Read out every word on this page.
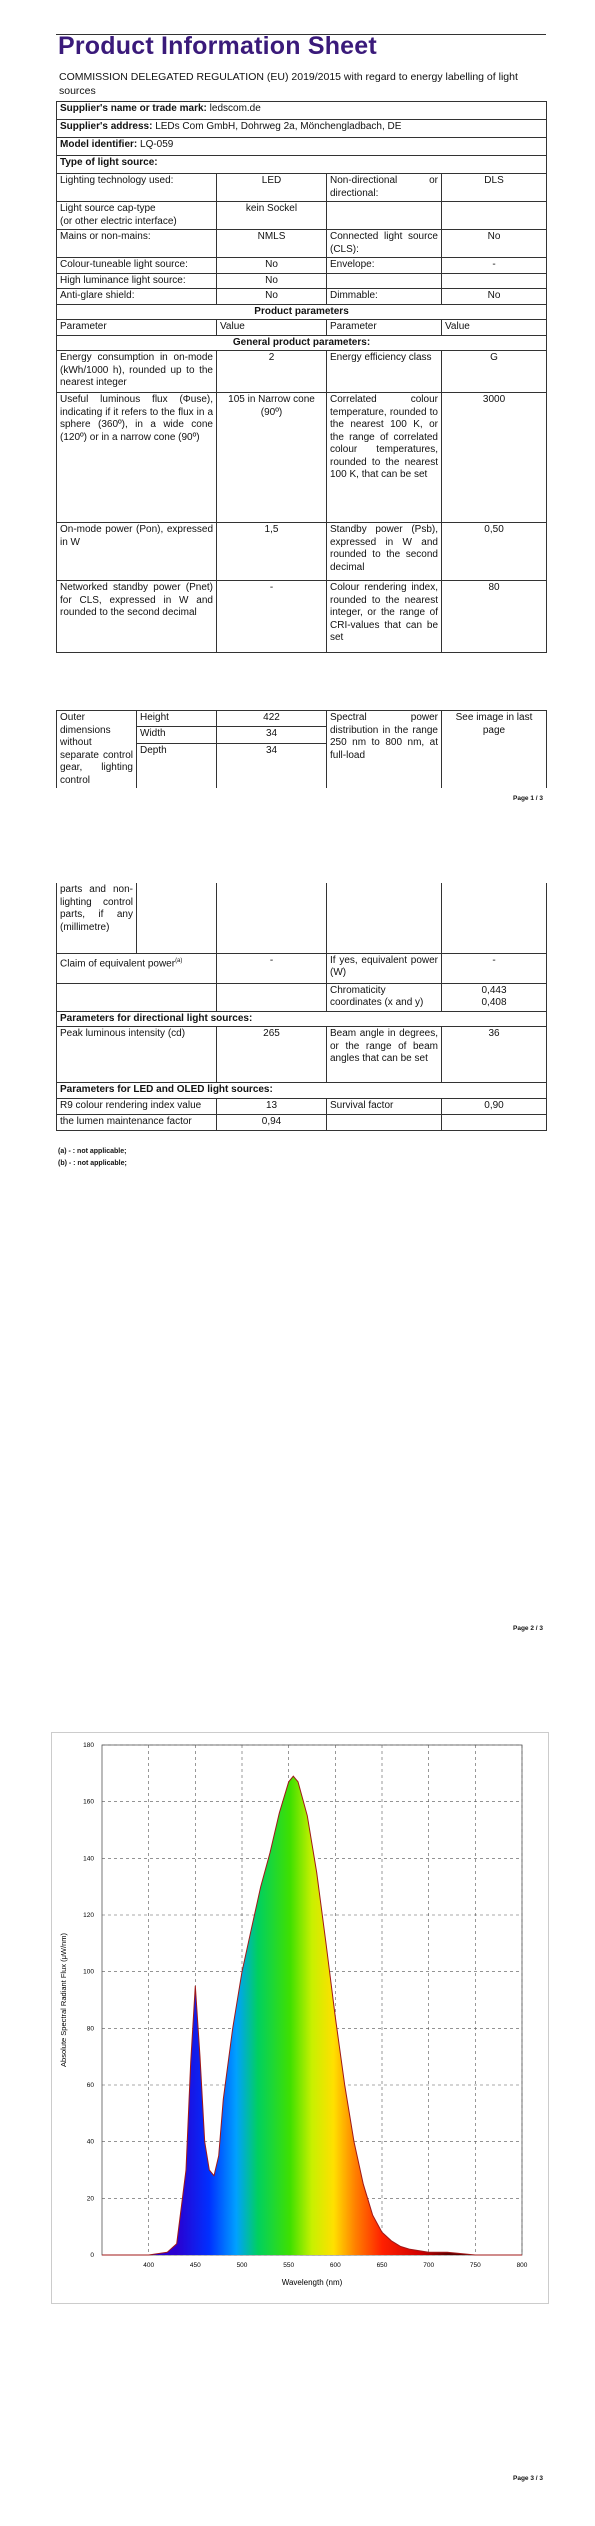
Product Information Sheet
COMMISSION DELEGATED REGULATION (EU) 2019/2015 with regard to energy labelling of light sources
Supplier's name or trade mark: ledscom.de			
Supplier's address: LEDs Com GmbH, Dohrweg 2a, Mönchengladbach, DE			
Model identifier: LQ-059			
Type of light source:			
Lighting technology used:	LED	Non-directional or directional:	DLS
Light source cap-type
(or other electric interface)	kein Sockel		
Mains or non-mains:	NMLS	Connected light source (CLS):	No
Colour-tuneable light source:	No	Envelope:	-
High luminance light source:	No		
Anti-glare shield:	No	Dimmable:	No
Product parameters			
Parameter	Value	Parameter	Value
General product parameters:			
Energy consumption in on-mode (kWh/1000 h), rounded up to the nearest integer	2	Energy efficiency class	G
Useful luminous flux (Φuse), indicating if it refers to the flux in a sphere (360º), in a wide cone (120º) or in a narrow cone (90º)	105 in Narrow cone (90º)	Correlated colour temperature, rounded to the nearest 100 K, or the range of correlated colour temperatures, rounded to the nearest 100 K, that can be set	3000
On-mode power (Pon), expressed in W	1,5	Standby power (Psb), expressed in W and rounded to the second decimal	0,50
Networked standby power (Pnet) for CLS, expressed in W and rounded to the second decimal	-	Colour rendering index, rounded to the nearest integer, or the range of CRI-values that can be set	80
Outer dimensions without separate control gear, lighting control	Height	422	Spectral power distribution in the range 250 nm to 800 nm, at full-load	See image in last page
	Width	34		
	Depth	34		
Page 1 / 3
parts and non-lighting control parts, if any (millimetre)				
Claim of equivalent power$^{(a)}$		-	If yes, equivalent power (W)	-
			Chromaticity coordinates (x and y)	0,443
0,408

Parameters for directional light sources:				
Peak luminous intensity (cd)		265	Beam angle in degrees, or the range of beam angles that can be set	36
Parameters for LED and OLED light sources:				
R9 colour rendering index value		13	Survival factor	0,90
the lumen maintenance factor		0,94		
(a) - : not applicable;
(b) - : not applicable;
Page 2 / 3
400	450	500	550	600	650	700	750	800
0
20
40
60
80
100
120
140
160
180
Wavelength (nm)
Absolute Spectral Radiant Flux (μW/nm)
Page 3 / 3
